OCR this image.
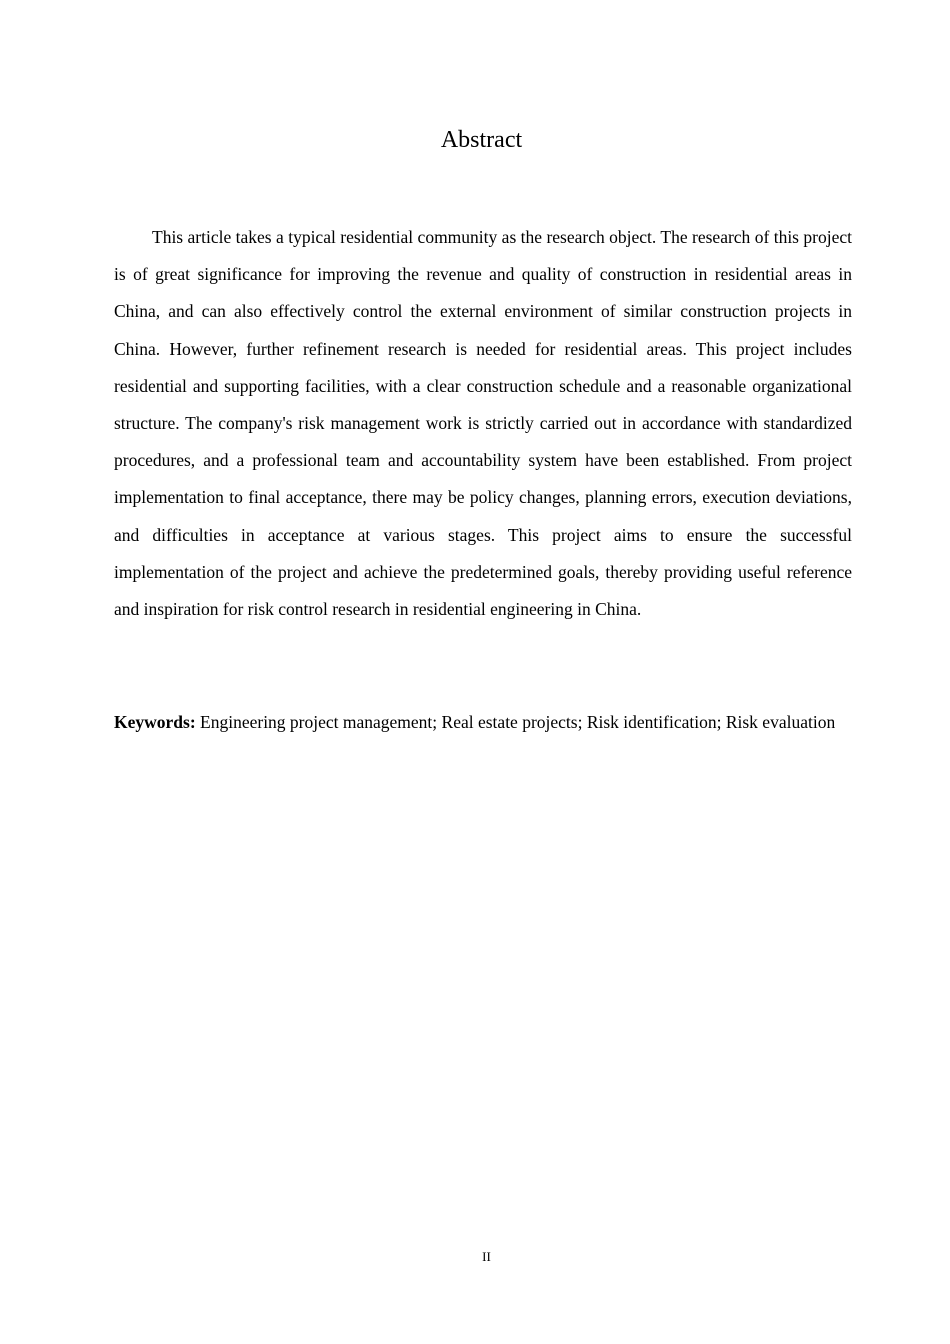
Abstract

This article takes a typical residential community as the research object. The research of this project is of great significance for improving the revenue and quality of construction in residential areas in China, and can also effectively control the external environment of similar construction projects in China. However, further refinement research is needed for residential areas. This project includes residential and supporting facilities, with a clear construction schedule and a reasonable organizational structure. The company's risk management work is strictly carried out in accordance with standardized procedures, and a professional team and accountability system have been established. From project implementation to final acceptance, there may be policy changes, planning errors, execution deviations, and difficulties in acceptance at various stages. This project aims to ensure the successful implementation of the project and achieve the predetermined goals, thereby providing useful reference and inspiration for risk control research in residential engineering in China.

Keywords: Engineering project management; Real estate projects; Risk identification; Risk evaluation

II
